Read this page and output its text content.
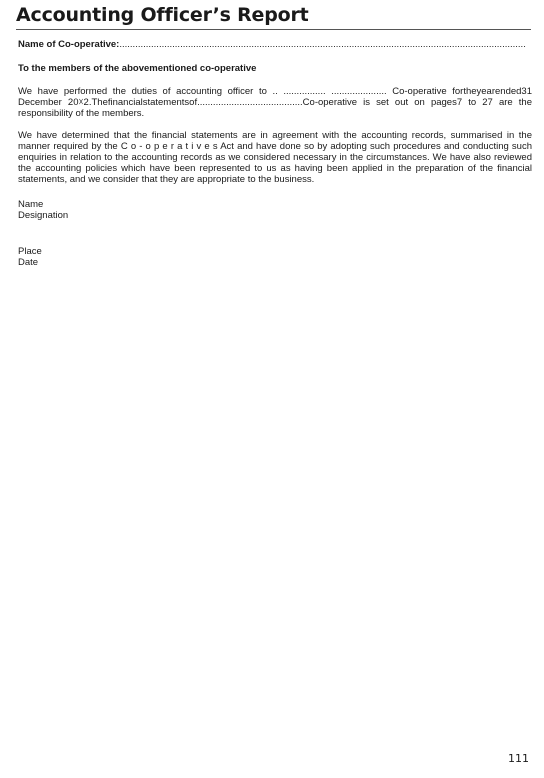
Accounting Officer’s Report
Name of Co-operative:..........................................................................................................................................................
To the members of the abovementioned co-operative

We have performed the duties of accounting officer to .. ................ ..................... Co-operative fortheyearended31 December 20☓2.Thefinancialstatementsof........................................Co-operative is set out on pages7 to 27 are the responsibility of the members.

We have determined that the financial statements are in agreement with the accounting records, summarised in the manner required by the C o - o p e r a t i v e s Act and have done so by adopting such procedures and conducting such enquiries in relation to the accounting records as we considered necessary in the circumstances. We have also reviewed the accounting policies which have been represented to us as having been applied in the preparation of the financial statements, and we consider that they are appropriate to the business.

Name
Designation
Place
Date
111
